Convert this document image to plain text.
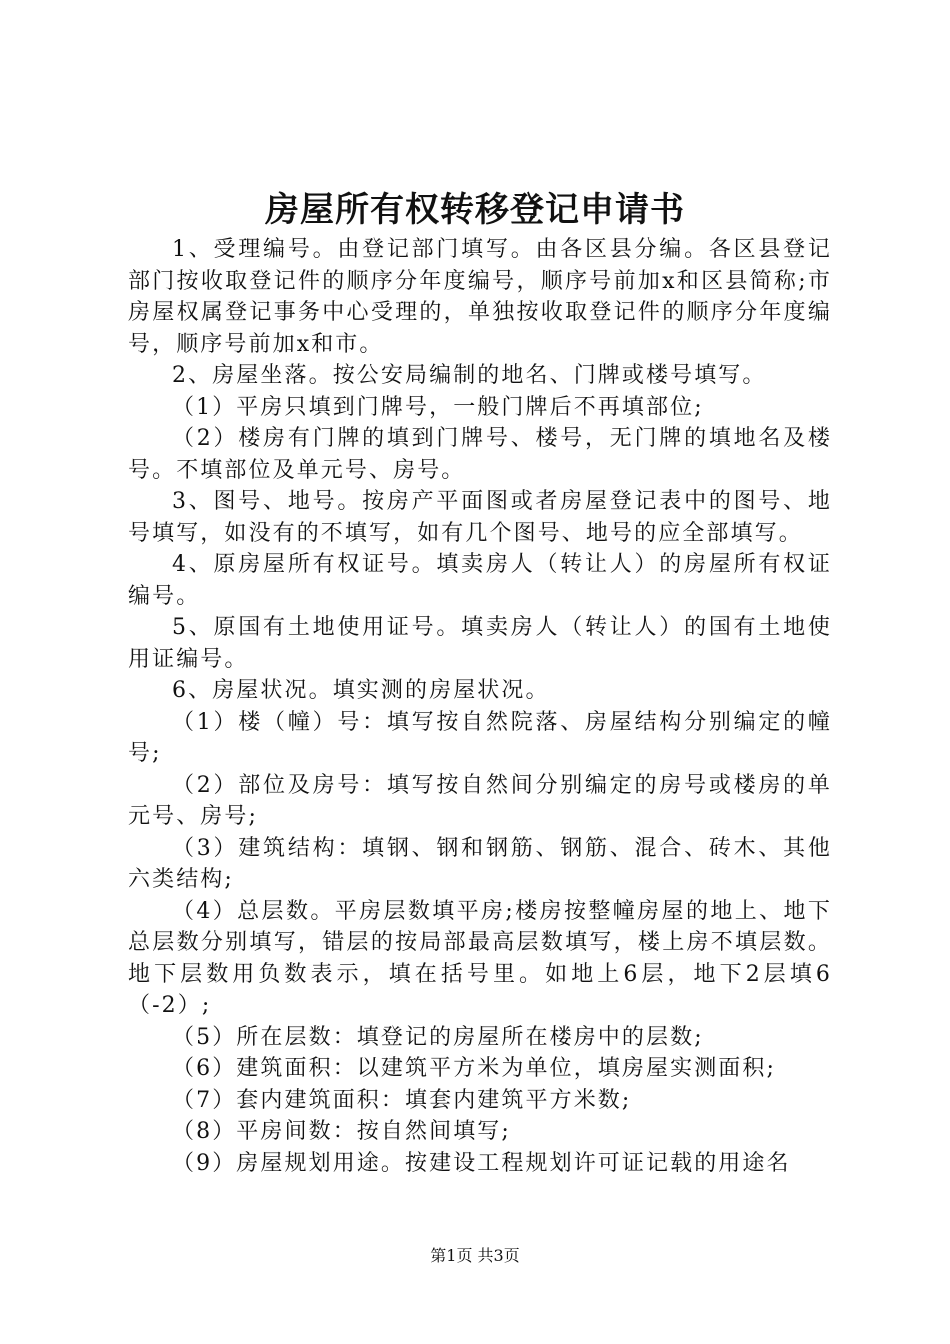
房屋所有权转移登记申请书

1、受理编号。由登记部门填写。由各区县分编。各区县登记部门按收取登记件的顺序分年度编号，顺序号前加x和区县简称;市房屋权属登记事务中心受理的，单独按收取登记件的顺序分年度编号，顺序号前加x和市。

2、房屋坐落。按公安局编制的地名、门牌或楼号填写。

（1）平房只填到门牌号，一般门牌后不再填部位;

（2）楼房有门牌的填到门牌号、楼号，无门牌的填地名及楼号。不填部位及单元号、房号。

3、图号、地号。按房产平面图或者房屋登记表中的图号、地号填写，如没有的不填写，如有几个图号、地号的应全部填写。

4、原房屋所有权证号。填卖房人（转让人）的房屋所有权证编号。

5、原国有土地使用证号。填卖房人（转让人）的国有土地使用证编号。

6、房屋状况。填实测的房屋状况。

（1）楼（幢）号：填写按自然院落、房屋结构分别编定的幢号;

（2）部位及房号：填写按自然间分别编定的房号或楼房的单元号、房号;

（3）建筑结构：填钢、钢和钢筋、钢筋、混合、砖木、其他六类结构;

（4）总层数。平房层数填平房;楼房按整幢房屋的地上、地下总层数分别填写，错层的按局部最高层数填写，楼上房不填层数。地下层数用负数表示，填在括号里。如地上6层，地下2层填6（-2）;

（5）所在层数：填登记的房屋所在楼房中的层数;

（6）建筑面积：以建筑平方米为单位，填房屋实测面积;

（7）套内建筑面积：填套内建筑平方米数;

（8）平房间数：按自然间填写;

（9）房屋规划用途。按建设工程规划许可证记载的用途名

第1页 共3页
